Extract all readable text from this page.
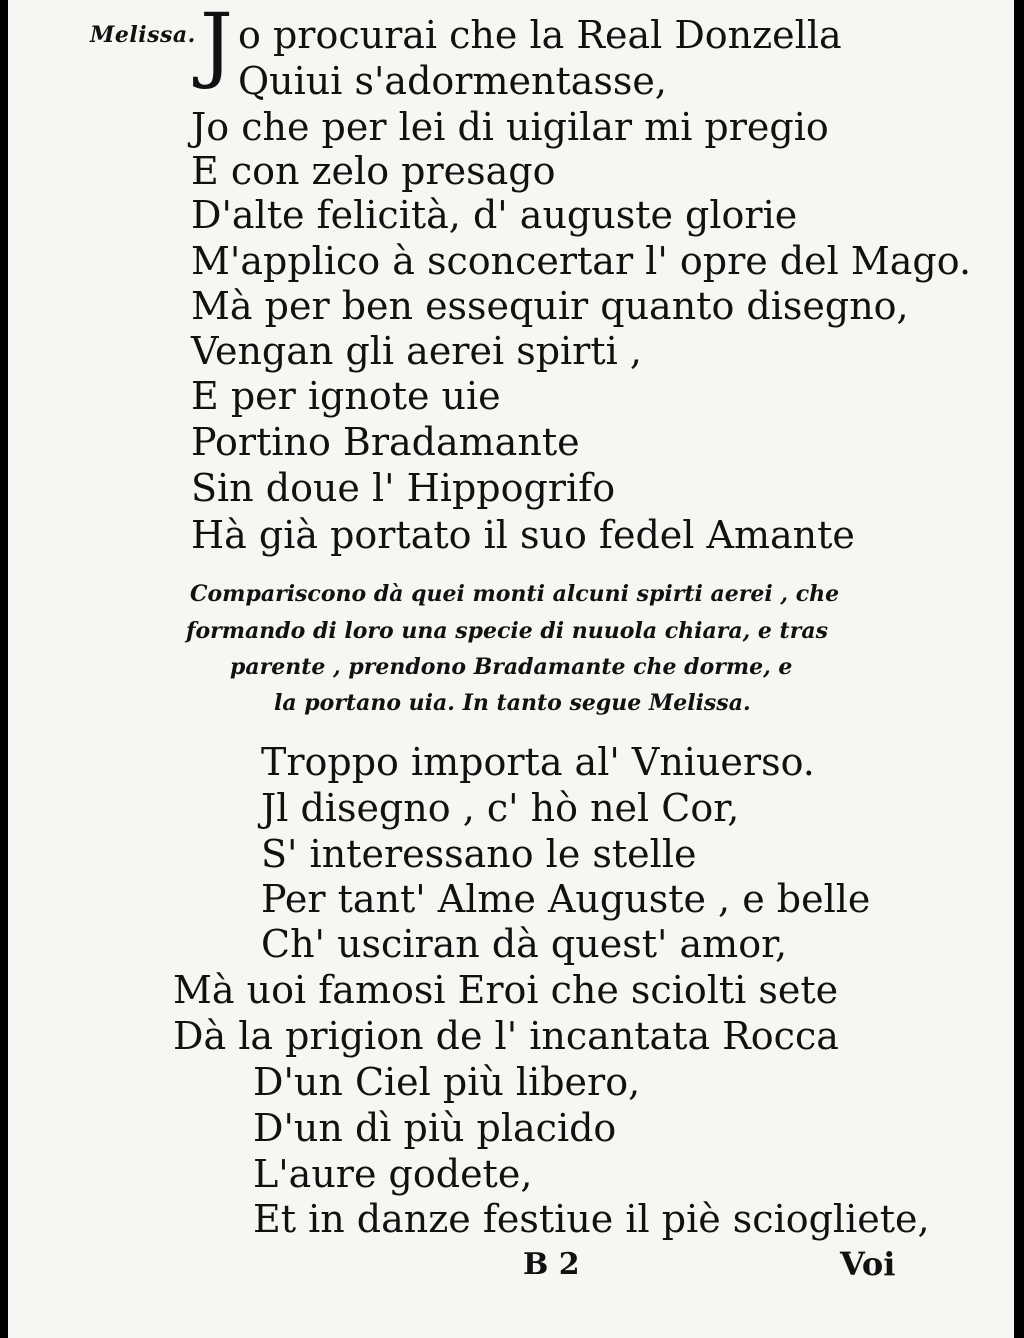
Melissa. J o procurai che la Real Donzella
Quiui s'adormentasse,
Jo che per lei di uigilar mi pregio
E con zelo presago
D'alte felicità, d' auguste glorie
M'applico à sconcertar l' opre del Mago.
Mà per ben essequir quanto disegno,
Vengan gli aerei spirti ,
E per ignote uie
Portino Bradamante
Sin doue l' Hippogrifo
Hà già portato il suo fedel Amante
Compariscono dà quei monti alcuni spirti aerei , che
formando di loro una specie di nuuola chiara, e tras
parente , prendono Bradamante che dorme, e
la portano uia. In tanto segue Melissa.
Troppo importa al' Vniuerso.
Jl disegno , c' hò nel Cor,
S' interessano le stelle
Per tant' Alme Auguste , e belle
Ch' usciran dà quest' amor,
Mà uoi famosi Eroi che sciolti sete
Dà la prigion de l' incantata Rocca
D'un Ciel più libero,
D'un dì più placido
L'aure godete,
Et in danze festiue il piè sciogliete,
B 2	Voi
